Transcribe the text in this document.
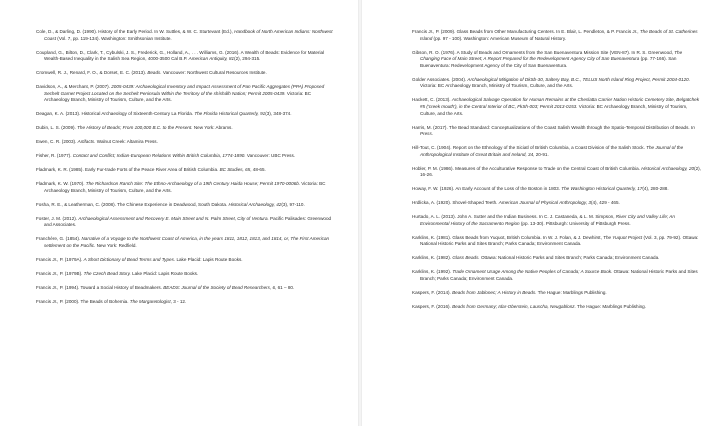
Cole, D., & Darling, D. (1990). History of the Early Period. In W. Suttles, & W. C. Sturtevant (Ed.), Handbook of North American Indians: Northwest Coast (Vol. 7, pp. 119-134). Washington: Smithsonian Institute.
Coupland, G., Bilton, D., Clark, T., Cybulski, J. S., Frederick, G., Holland, A., . . . Williams, G. (2016). A Wealth of Beads: Evidence for Material Wealth-Based Inequality in the Salish Sea Region, 4000-3500 Cal B.P. American Antiquity, 81(2), 294-315.
Cromwell, R. J., Renard, F. O., & Dorset, E. C. (2013). Beads. Vancouver: Northwest Cultural Resources Institute.
Davidson, A., & Merchant, P. (2007). 2005-0439: Archaeological Inventory and Impact Assessment of Pan Pacific Aggregates (PPA) Proposed Sechelt Garnet Project Located on the Sechelt Peninsula Within the Territory of the shíshálh Nation; Permit 2005-0439. Victoria: BC Archaeology Branch, Ministry of Tourism, Culture, and the Arts.
Deagan, K. A. (2013). Historical Archaeology of Sixteenth-Century La Florida. The Florida Historical Quarterly, 91(3), 348-374.
Dubin, L. S. (2009). The History of Beads; From 100,000 B.C. to the Present. New York: Abrams.
Ewen, C. R. (2003). Artifacts. Walnut Creek: Altamira Press.
Fisher, R. (1977). Contact and Conflict; Indian-European Relations Within British Columbia, 1774-1890. Vancouver: UBC Press.
Fladmark, K. R. (1985). Early Fur-trade Forts of the Peace River Area of British Columbia. BC Studies, 65, 48-65.
Fladmark, K. W. (1970). The Richardson Ranch Site: The Ethno-Archaeology of a 19th Century Haida House; Permit 1970-0006b. Victoria: BC Archaeology Branch, Ministry of Tourism, Culture, and the Arts.
Fosha, R. E., & Leatherman, C. (2008). The Chinese Experience in Deadwood, South Dakota. Historical Archaeology, 42(3), 97-110.
Foster, J. M. (2012). Archaeological Assessment and Recovery E. Main Street and N. Palm Street, City of Ventura. Pacific Palisades: Greenwood and Associates.
Franchère, G. (1854). Narrative of a Voyage to the Northwest Coast of America, in the years 1811, 1812, 1813, and 1814, or, The First American settlement on the Pacific. New York: Redfield.
Francis Jr., P. (1979A). A Short Dictionary of Bead Terms and Types. Lake Placid: Lapis Route Books.
Francis Jr., P. (1979B). The Czech Bead Story. Lake Placid: Lapis Route Books.
Francis Jr., P. (1994). Toward a Social History of Beadmakers. BEADS: Journal of the Society of Bead Researchers, 6, 61 – 80.
Francis Jr., P. (2000). The Beads of Bohemia. The Margaretologist, 3 - 12.
Francis Jr., P. (2009). Glass Beads from Other Manufacturing Centers. In E. Blair, L. Pendleton, & P. Francis Jr., The Beads of St. Catherines Island (pp. 97 - 100). Washington: American Museum of Natural History.
Gibson, R. O. (1976). A Study of Beads and Ornaments from the San Buenaventura Mission Site (VEN-87). In R. S. Greenwood, The Changing Face of Main Street; A Report Prepared for the Redevelopment Agency City of San Buenaventura (pp. 77-166). San Buenaventura: Redevelopment Agency of the City of San Buenaventura.
Golder Associates. (2004). Archaeological Mitigation of DkSb-30, Saltery Bay, B.C., TELUS North Island Ring Project, Permit 2004-0120. Victoria: BC Archaeology Branch, Ministry of Tourism, Culture, and the Arts.
Hackett, C. (2013). Archaeological Salvage Operation for Human Remains at the Cheslatta Carrier Nation Historic Cemetery Site, Belgatchek #5 ('creek mouth'), in the Central Interior of BC, FkSh-003; Permit 2013-0153. Victoria: BC Archaeology Branch, Ministry of Tourism, Culture, and the Arts.
Harris, M. (2017). The Bead Standard: Conceptualizations of the Coast Salish Wealth through the Spatio-Temporal Distribution of Beads. In Press.
Hill-Tout, C. (1904). Report on the Ethnology of the Siciatl of British Columbia, a Coast Division of the Salish Stock. The Journal of the Anthropological Institute of Great Britain and Ireland, 34, 20-91.
Hobler, P. M. (1986). Measures of the Acculturative Response to Trade on the Central Coast of British Columbia. Historical Archaeology, 20(2), 16-26.
Howay, F. W. (1926). An Early Account of the Loss of the Boston in 1803. The Washington Historical Quarterly, 17(4), 280-288.
Hrdlicka, A. (1920). Shovel-Shaped Teeth. American Journal of Physical Anthropology, 3(4), 429 - 465.
Hurtado, A. L. (2013). John A. Sutter and the Indian Business. In C. J. Castaneda, & L. M. Simpson, River City and Valley Life; An Environmental History of the Sacramento Region (pp. 13-30). Pittsburgh: University of Pittsburgh Press.
Karklins, K. (1981). Glass Beads from Yuquot, British Columbia. In W. J. Folan, & J. Dewhirst, The Yuquot Project (Vol. 3, pp. 79-92). Ottawa: National Historic Parks and Sites Branch; Parks Canada; Environment Canada.
Karklins, K. (1982). Glass Beads. Ottawa: National Historic Parks and Sites Branch; Parks Canada; Environment Canada.
Karklins, K. (1992). Trade Ornament Usage Among the Native Peoples of Canada; A Source Book. Ottawa: National Historic Parks and Sites Branch; Parks Canada; Environment Canada.
Kaspers, F. (2014). Beads from Jablonec; A History in Beads. The Hague: Marblings Publishing.
Kaspers, F. (2016). Beads from Germany; Idar-Oberstein, Lauscha, Neugablonz. The Hague: Marblings Publishing.
